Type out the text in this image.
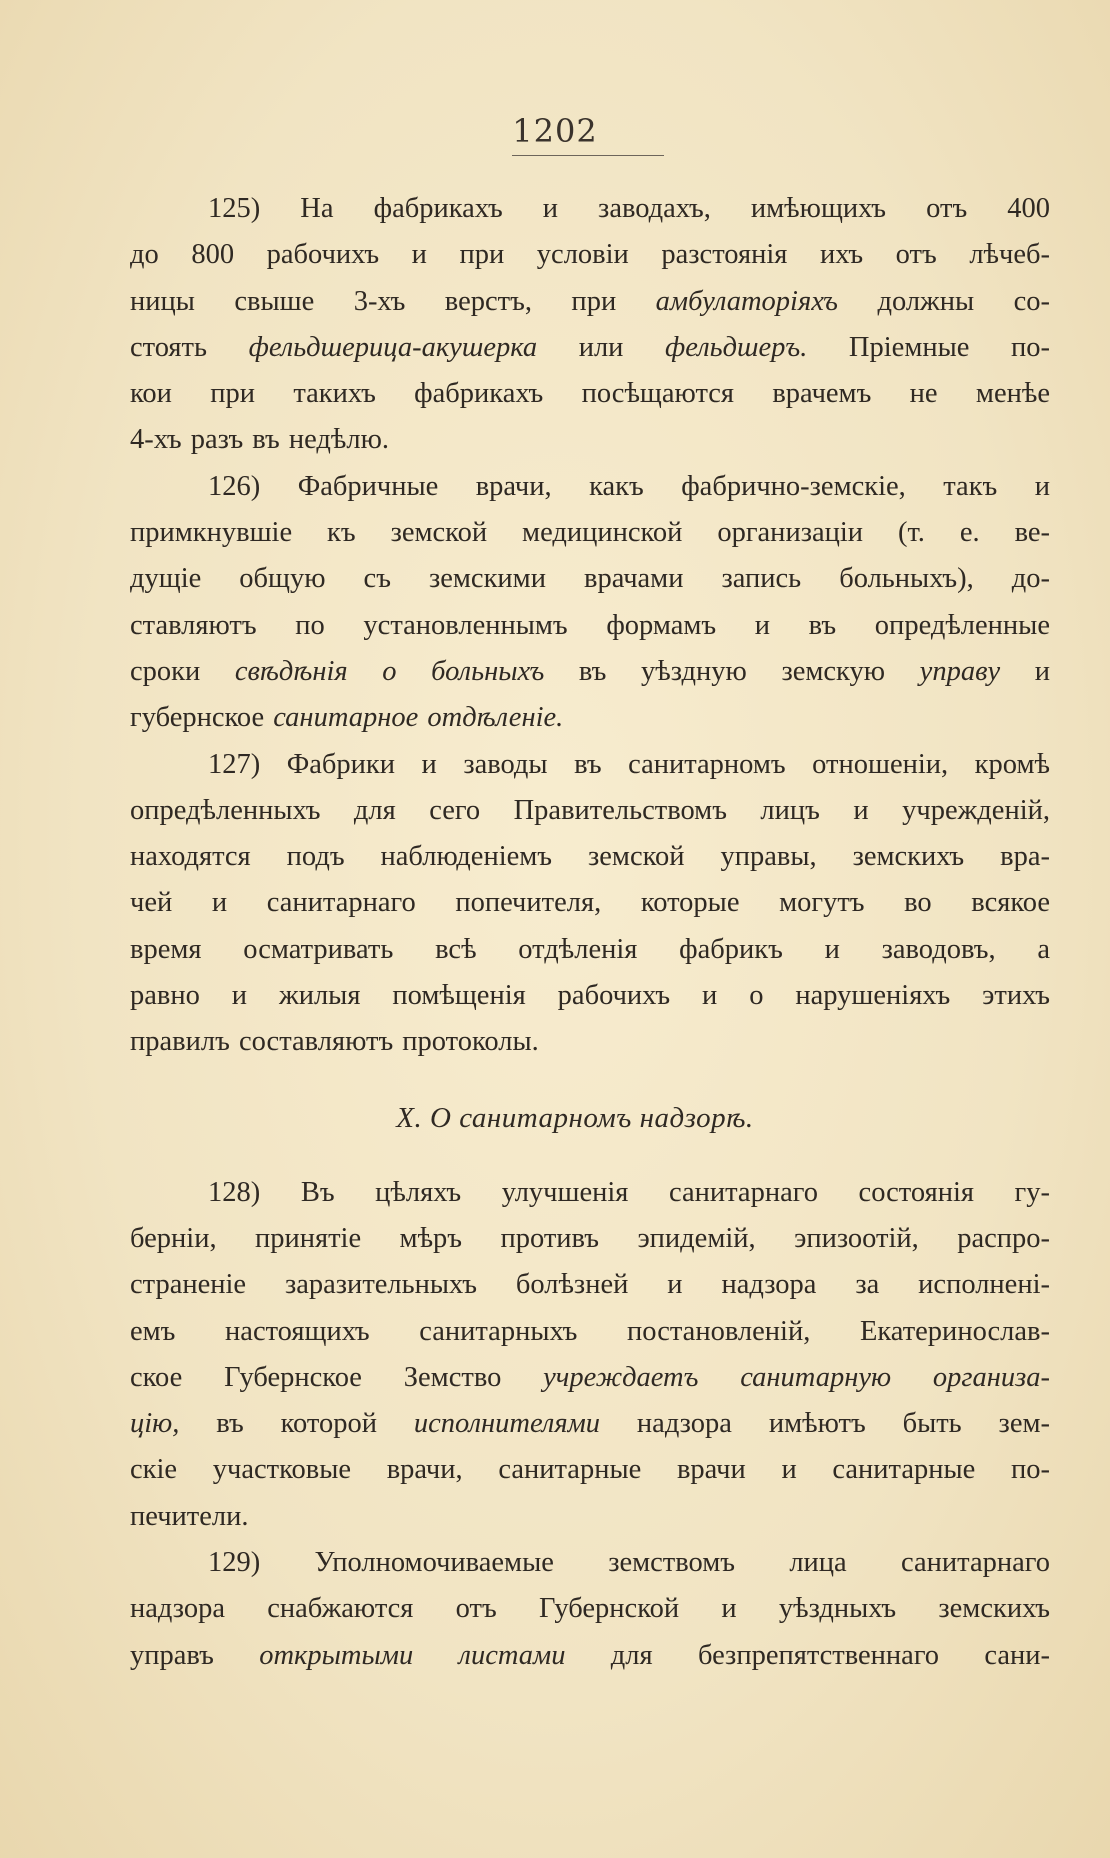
1202
125) На фабрикахъ и заводахъ, имѣющихъ отъ 400
до 800 рабочихъ и при условіи разстоянія ихъ отъ лѣчеб-
ницы свыше 3-хъ верстъ, при амбулаторіяхъ должны со-
стоять фельдшерица-акушерка или фельдшеръ. Пріемные по-
кои при такихъ фабрикахъ посѣщаются врачемъ не менѣе
4-хъ разъ въ недѣлю.
126) Фабричные врачи, какъ фабрично-земскіе, такъ и
примкнувшіе къ земской медицинской организаціи (т. е. ве-
дущіе общую съ земскими врачами запись больныхъ), до-
ставляютъ по установленнымъ формамъ и въ опредѣленные
сроки свѣдѣнія о больныхъ въ уѣздную земскую управу и
губернское санитарное отдѣленіе.
127) Фабрики и заводы въ санитарномъ отношеніи, кромѣ
опредѣленныхъ для сего Правительствомъ лицъ и учрежденій,
находятся подъ наблюденіемъ земской управы, земскихъ вра-
чей и санитарнаго попечителя, которые могутъ во всякое
время осматривать всѣ отдѣленія фабрикъ и заводовъ, а
равно и жилыя помѣщенія рабочихъ и о нарушеніяхъ этихъ
правилъ составляютъ протоколы.
X. О санитарномъ надзорѣ.
128) Въ цѣляхъ улучшенія санитарнаго состоянія гу-
берніи, принятіе мѣръ противъ эпидемій, эпизоотій, распро-
страненіе заразительныхъ болѣзней и надзора за исполненi-
емъ настоящихъ санитарныхъ постановленій, Екатеринослав-
ское Губернское Земство учреждаетъ санитарную организа-
цію, въ которой исполнителями надзора имѣютъ быть зем-
скіе участковые врачи, санитарные врачи и санитарные по-
печители.
129) Уполномочиваемые земствомъ лица санитарнаго
надзора снабжаются отъ Губернской и уѣздныхъ земскихъ
управъ открытыми листами для безпрепятственнаго сани-
